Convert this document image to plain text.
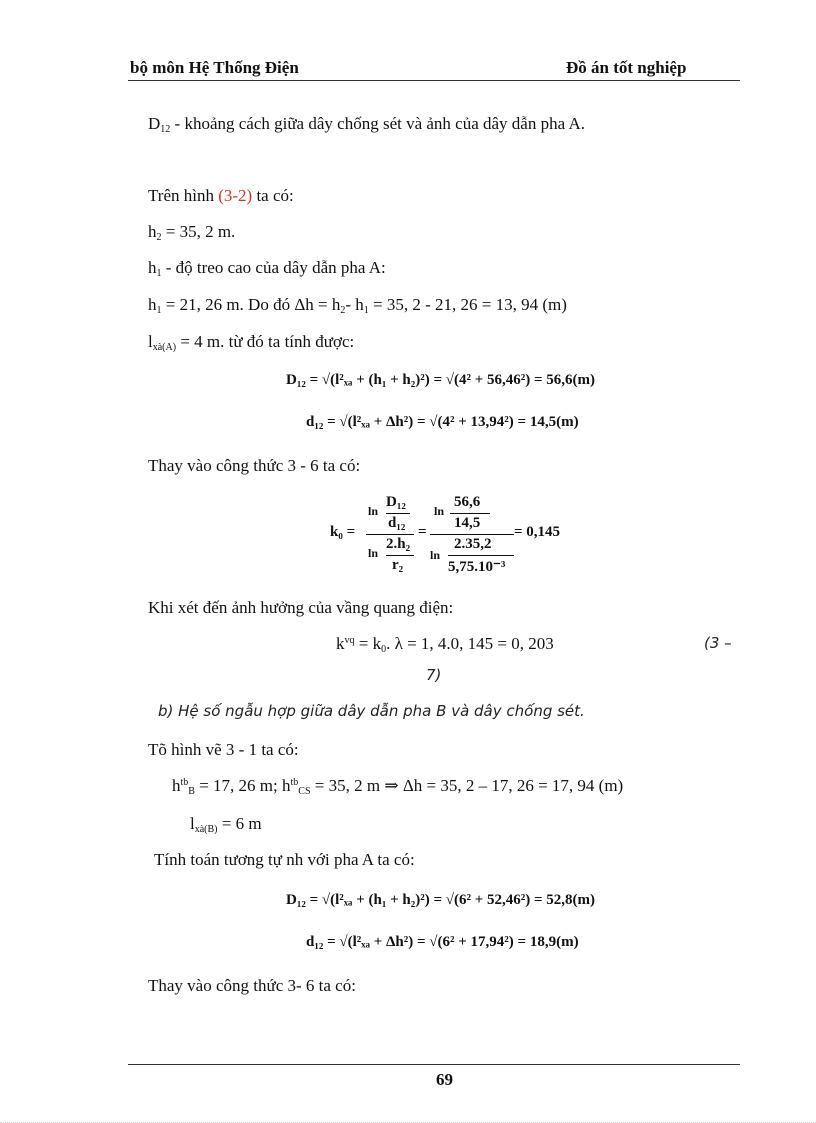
bộ môn Hệ Thống Điện	Đồ án tốt nghiệp
$D_{12}$ - khoảng cách giữa dây chống sét và ảnh của dây dẫn pha A.
Trên hình (3-2) ta có:
$h_2 = 35$, 2 m.
$h_1$ - độ treo cao của dây dẫn pha A:
$h_1 = 21$, 26 m. Do đó $\Delta h = h_2-$ $h_1 = 35$, 2 - 21, 26 = 13, 94 (m)
$l_{xà(A)} = 4$ m. từ đó ta tính được:
D₁₂ = √(l²ₓₐ + (h₁ + h₂)²) = √(4² + 56,46²) = 56,6(m)
d₁₂ = √(l²ₓₐ + Δh²) = √(4² + 13,94²) = 14,5(m)
Thay vào công thức 3 - 6 ta có:
k₀ =
ln
D₁₂
d₁₂
ln
2.h₂
r₂
=
ln
56,6
14,5
ln
2.35,2
5,75.10⁻³
= 0,145
Khi xét đến ảnh hưởng của vầng quang điện:
$k^{vq} = k_0$. λ = 1, 4.0, 145 = 0, 203	(3 –
7)
b) Hệ số ngẫu hợp giữa dây dẫn pha B và dây chống sét.
Tõ hình vẽ 3 - 1 ta có:
$h^{tb}_B = 17$, 26 m; $h^{tb}_{CS} = 35$, 2 m ⇒ Δh = 35, 2 – 17, 26 = 17, 94 (m)
$l_{xà(B)} = 6$ m
Tính toán tương tự nh với pha A ta có:
D₁₂ = √(l²ₓₐ + (h₁ + h₂)²) = √(6² + 52,46²) = 52,8(m)
d₁₂ = √(l²ₓₐ + Δh²) = √(6² + 17,94²) = 18,9(m)
Thay vào công thức 3- 6 ta có:
69
